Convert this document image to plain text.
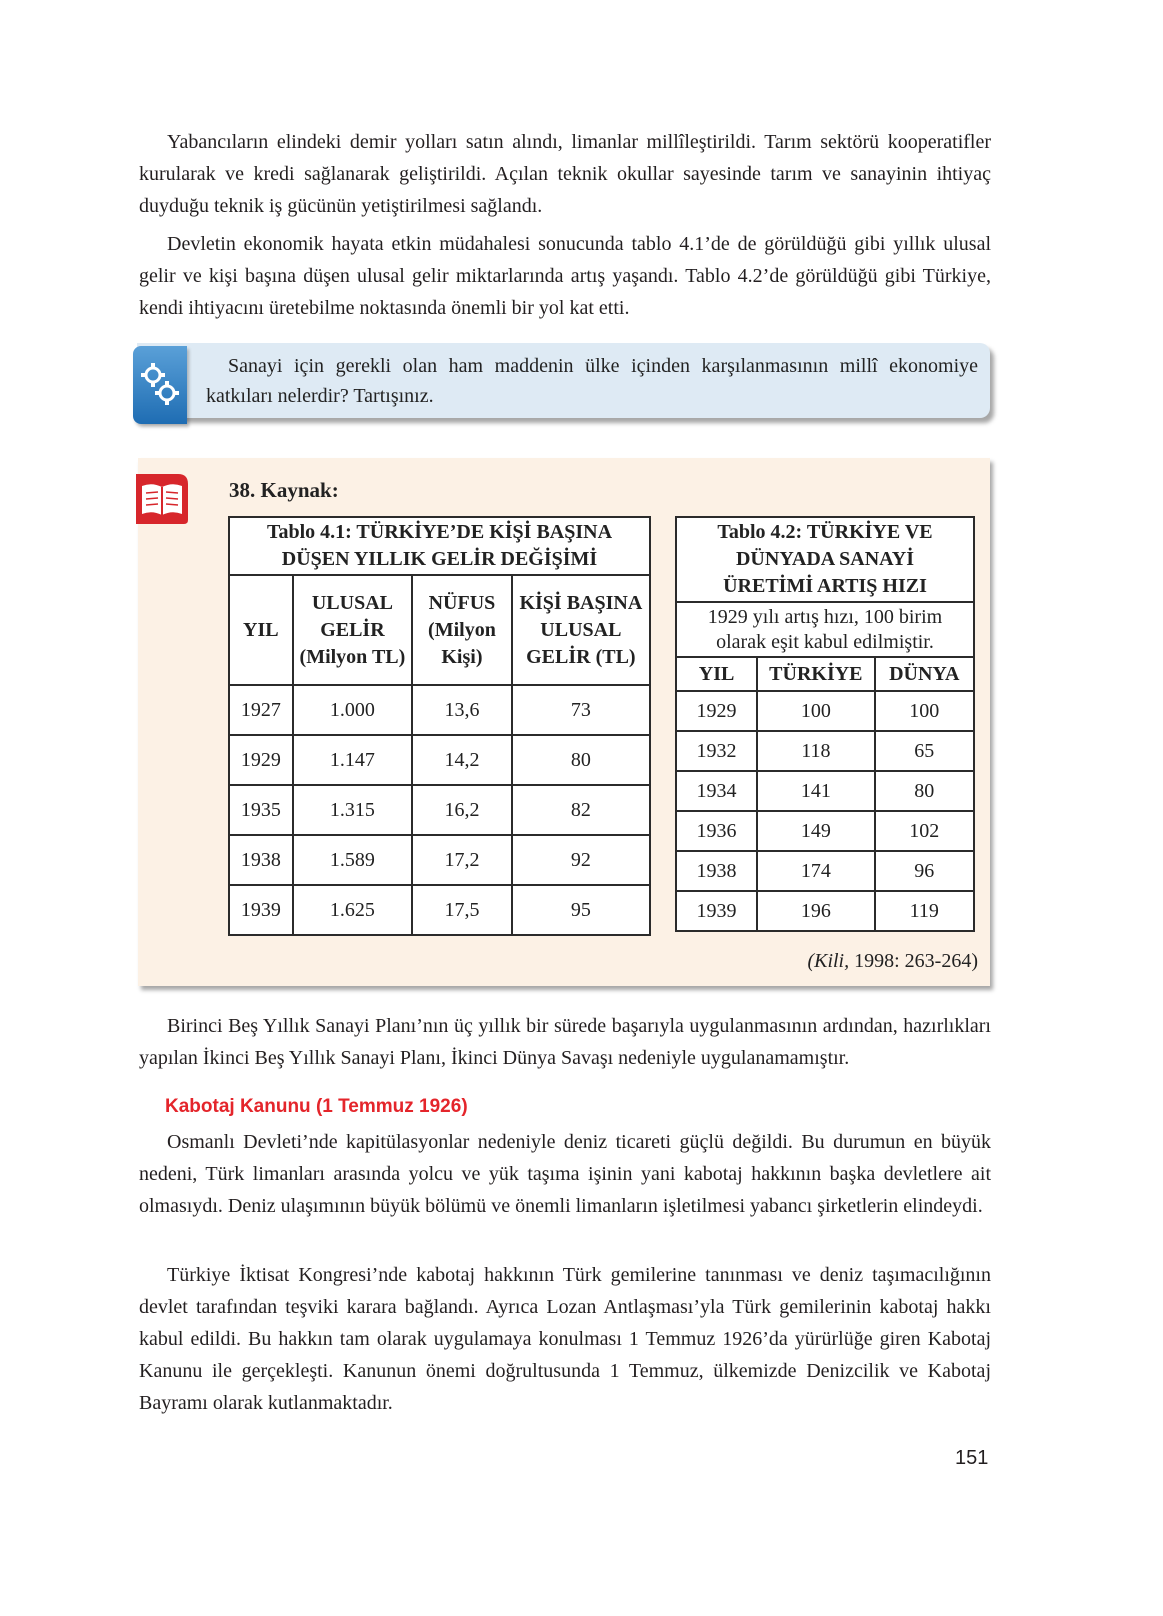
Yabancıların elindeki demir yolları satın alındı, limanlar millîleştirildi. Tarım sektörü kooperatifler kurularak ve kredi sağlanarak geliştirildi. Açılan teknik okullar sayesinde tarım ve sanayinin ihtiyaç duyduğu teknik iş gücünün yetiştirilmesi sağlandı.

Devletin ekonomik hayata etkin müdahalesi sonucunda tablo 4.1’de de görüldüğü gibi yıllık ulusal gelir ve kişi başına düşen ulusal gelir miktarlarında artış yaşandı. Tablo 4.2’de görüldüğü gibi Türkiye, kendi ihtiyacını üretebilme noktasında önemli bir yol kat etti.

Sanayi için gerekli olan ham maddenin ülke içinden karşılanmasının millî ekonomiye katkıları nelerdir? Tartışınız.

38. Kaynak:
Tablo 4.1: TÜRKİYE’DE KİŞİ BAŞINA DÜŞEN YILLIK GELİR DEĞİŞİMİ			
YIL	ULUSAL GELİR (Milyon TL)	NÜFUS (Milyon Kişi)	KİŞİ BAŞINA ULUSAL GELİR (TL)
1927	1.000	13,6	73
1929	1.147	14,2	80
1935	1.315	16,2	82
1938	1.589	17,2	92
1939	1.625	17,5	95
Tablo 4.2: TÜRKİYE VE DÜNYADA SANAYİ ÜRETİMİ ARTIŞ HIZI		
1929 yılı artış hızı, 100 birim olarak eşit kabul edilmiştir.		
YIL	TÜRKİYE	DÜNYA
1929	100	100
1932	118	65
1934	141	80
1936	149	102
1938	174	96
1939	196	119
(Kili, 1998: 263-264)

Birinci Beş Yıllık Sanayi Planı’nın üç yıllık bir sürede başarıyla uygulanmasının ardından, hazırlıkları yapılan İkinci Beş Yıllık Sanayi Planı, İkinci Dünya Savaşı nedeniyle uygulanamamıştır.

Kabotaj Kanunu (1 Temmuz 1926)

Osmanlı Devleti’nde kapitülasyonlar nedeniyle deniz ticareti güçlü değildi. Bu durumun en büyük nedeni, Türk limanları arasında yolcu ve yük taşıma işinin yani kabotaj hakkının başka devletlere ait olmasıydı. Deniz ulaşımının büyük bölümü ve önemli limanların işletilmesi yabancı şirketlerin elindeydi.

Türkiye İktisat Kongresi’nde kabotaj hakkının Türk gemilerine tanınması ve deniz taşımacılığının devlet tarafından teşviki karara bağlandı. Ayrıca Lozan Antlaşması’yla Türk gemilerinin kabotaj hakkı kabul edildi. Bu hakkın tam olarak uygulamaya konulması 1 Temmuz 1926’da yürürlüğe giren Kabotaj Kanunu ile gerçekleşti. Kanunun önemi doğrultusunda 1 Temmuz, ülkemizde Denizcilik ve Kabotaj Bayramı olarak kutlanmaktadır.

151
